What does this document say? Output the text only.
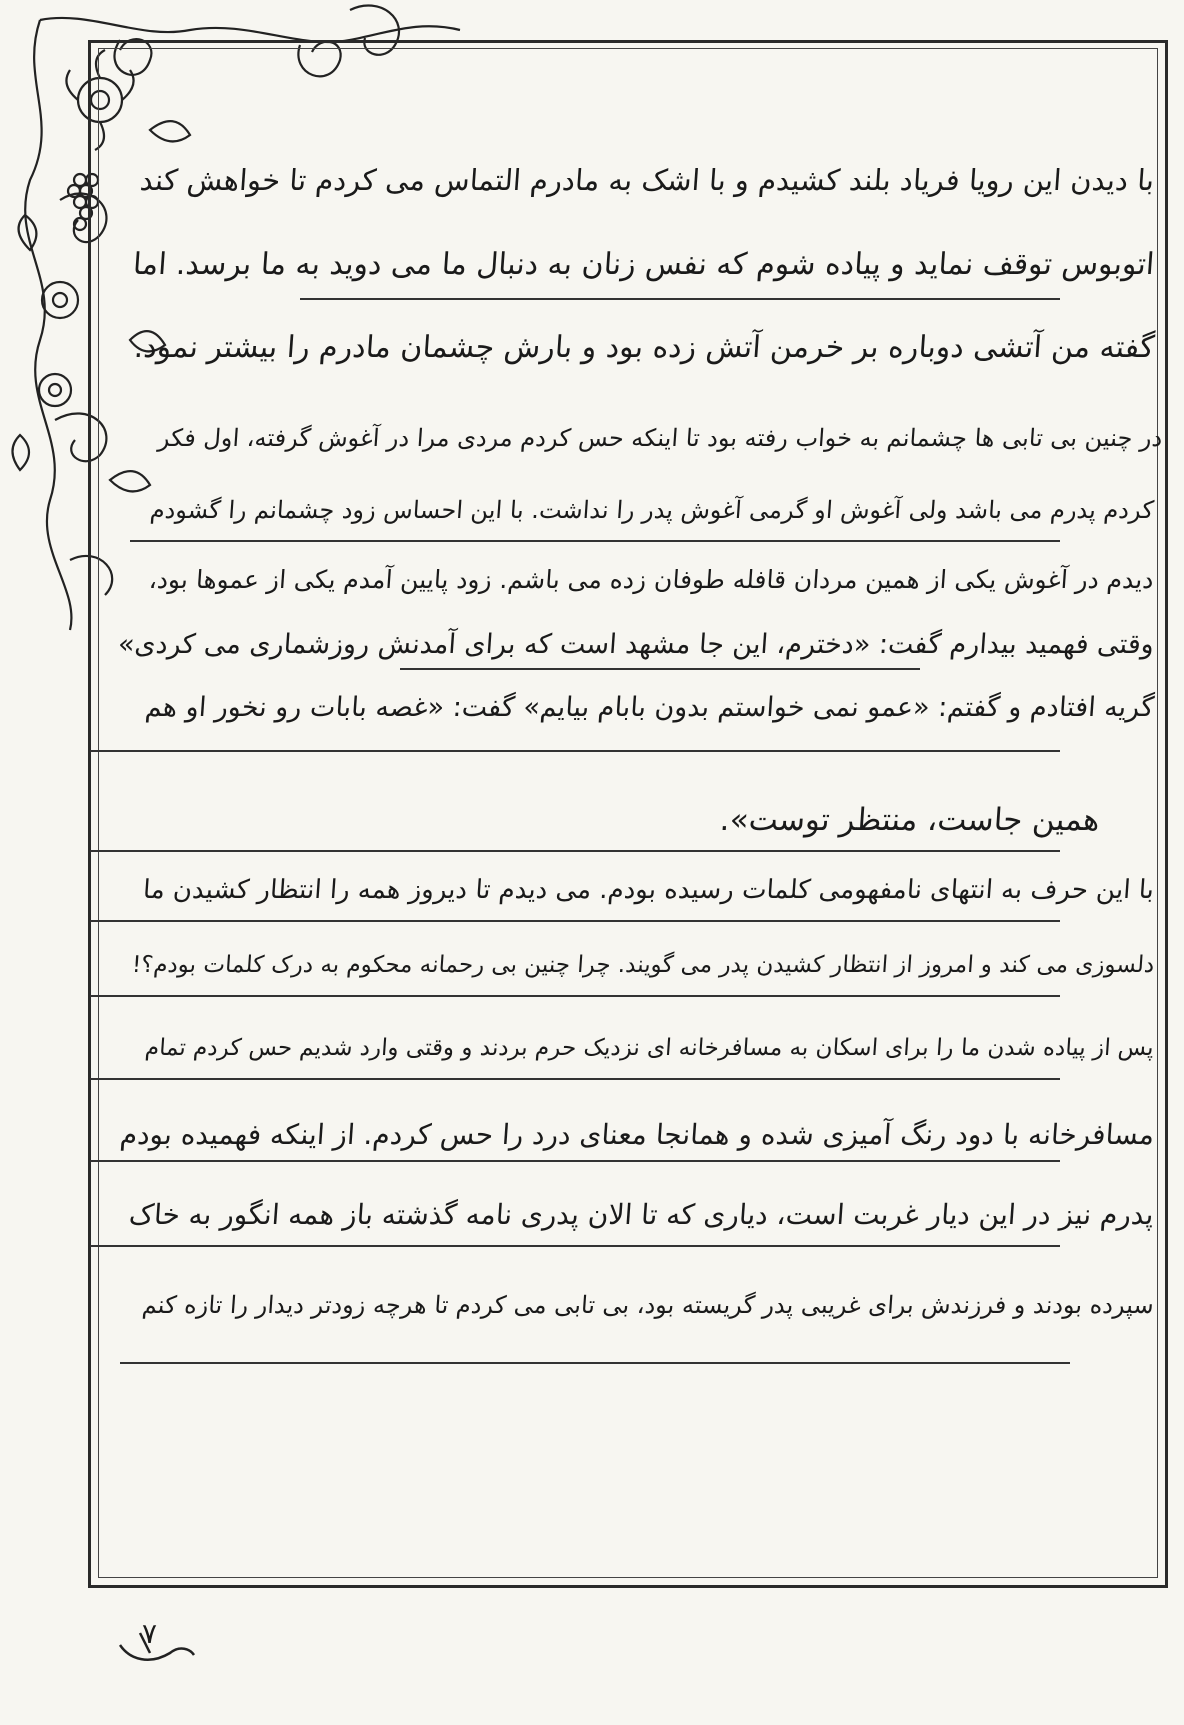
با دیدن این رویا فریاد بلند کشیدم و با اشک به مادرم التماس می کردم تا خواهش کند
اتوبوس توقف نماید و پیاده شوم که نفس زنان به دنبال ما می دوید به ما برسد. اما
گفته من آتشی دوباره بر خرمن آتش زده بود و بارش چشمان مادرم را بیشتر نمود.
در چنین بی تابی ها چشمانم به خواب رفته بود تا اینکه حس کردم مردی مرا در آغوش گرفته، اول فکر
کردم پدرم می باشد ولی آغوش او گرمی آغوش پدر را نداشت. با این احساس زود چشمانم را گشودم
دیدم در آغوش یکی از همین مردان قافله طوفان زده می باشم. زود پایین آمدم یکی از عموها بود،
وقتی فهمید بیدارم گفت: «دخترم، این جا مشهد است که برای آمدنش روزشماری می کردی»
گریه افتادم و گفتم: «عمو نمی خواستم بدون بابام بیایم» گفت: «غصه بابات رو نخور او هم
همین جاست، منتظر توست».
با این حرف به انتهای نامفهومی کلمات رسیده بودم. می دیدم تا دیروز همه را انتظار کشیدن ما
دلسوزی می کند و امروز از انتظار کشیدن پدر می گویند. چرا چنین بی رحمانه محکوم به درک کلمات بودم؟!
پس از پیاده شدن ما را برای اسکان به مسافرخانه ای نزدیک حرم بردند و وقتی وارد شدیم حس کردم تمام
مسافرخانه با دود رنگ آمیزی شده و همانجا معنای درد را حس کردم. از اینکه فهمیده بودم
پدرم نیز در این دیار غربت است، دیاری که تا الان پدری نامه گذشته باز همه انگور به خاک
سپرده بودند و فرزندش برای غریبی پدر گریسته بود، بی تابی می کردم تا هرچه زودتر دیدار را تازه کنم
۷
